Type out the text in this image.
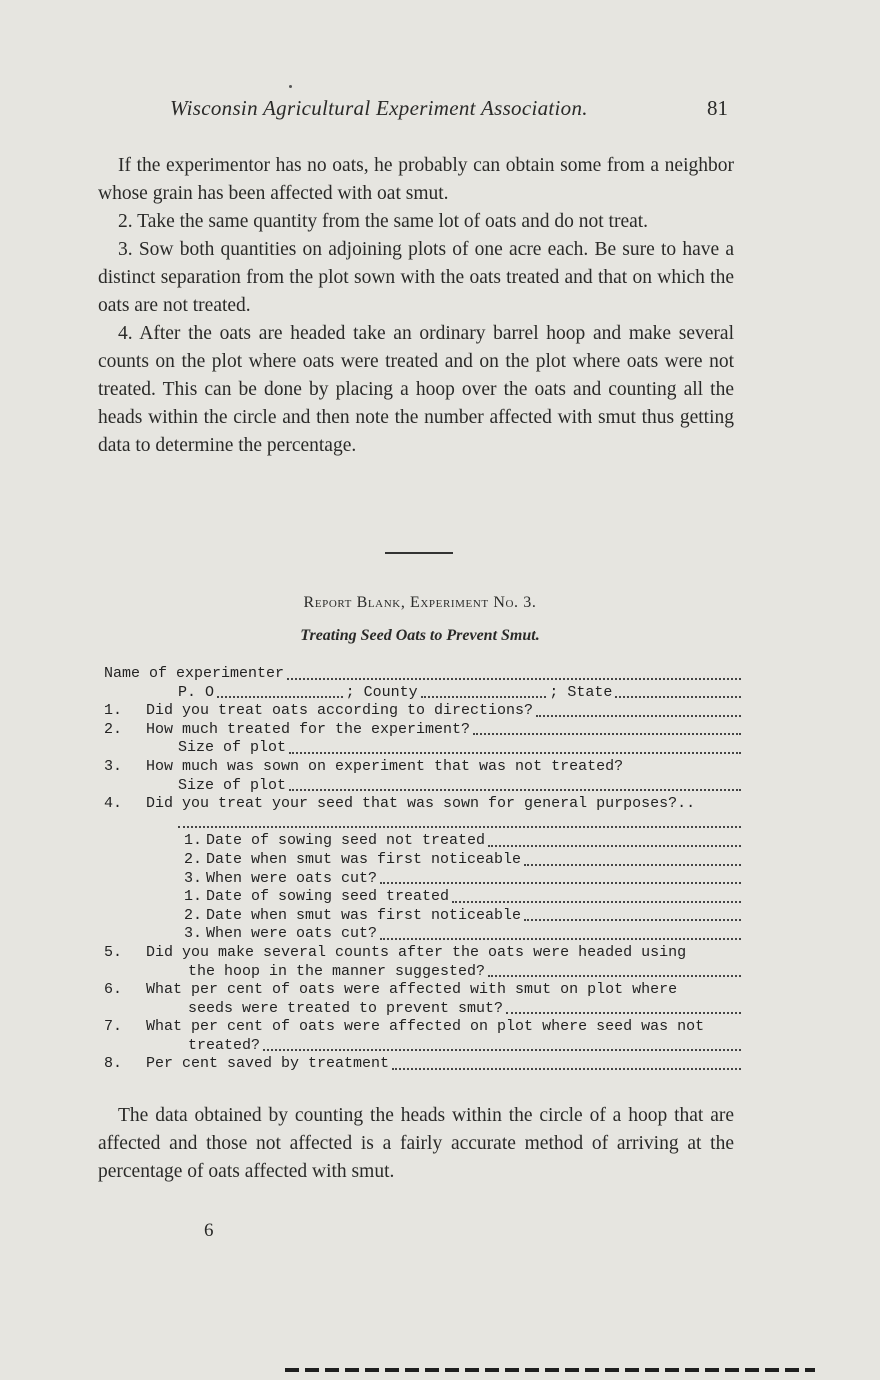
Wisconsin Agricultural Experiment Association.	81

If the experimentor has no oats, he probably can obtain some from a neighbor whose grain has been affected with oat smut.

2. Take the same quantity from the same lot of oats and do not treat.

3. Sow both quantities on adjoining plots of one acre each. Be sure to have a distinct separation from the plot sown with the oats treated and that on which the oats are not treated.

4. After the oats are headed take an ordinary barrel hoop and make several counts on the plot where oats were treated and on the plot where oats were not treated. This can be done by placing a hoop over the oats and counting all the heads within the circle and then note the number affected with smut thus getting data to determine the percentage.

Report Blank, Experiment No. 3.
Treating Seed Oats to Prevent Smut.
Name of experimenter
P. O	; County	; State
1.	Did you treat oats according to directions?
2.	How much treated for the experiment?
Size of plot
3.	How much was sown on experiment that was not treated?
Size of plot
4.	Did you treat your seed that was sown for general purposes?..
1. Date of sowing seed not treated
2. Date when smut was first noticeable
3. When were oats cut?
1. Date of sowing seed treated
2. Date when smut was first noticeable
3. When were oats cut?
5.	Did you make several counts after the oats were headed using
the hoop in the manner suggested?
6.	What per cent of oats were affected with smut on plot where
seeds were treated to prevent smut?
7.	What per cent of oats were affected on plot where seed was not
treated?
8.	Per cent saved by treatment

The data obtained by counting the heads within the circle of a hoop that are affected and those not affected is a fairly accurate method of arriving at the percentage of oats affected with smut.

6
